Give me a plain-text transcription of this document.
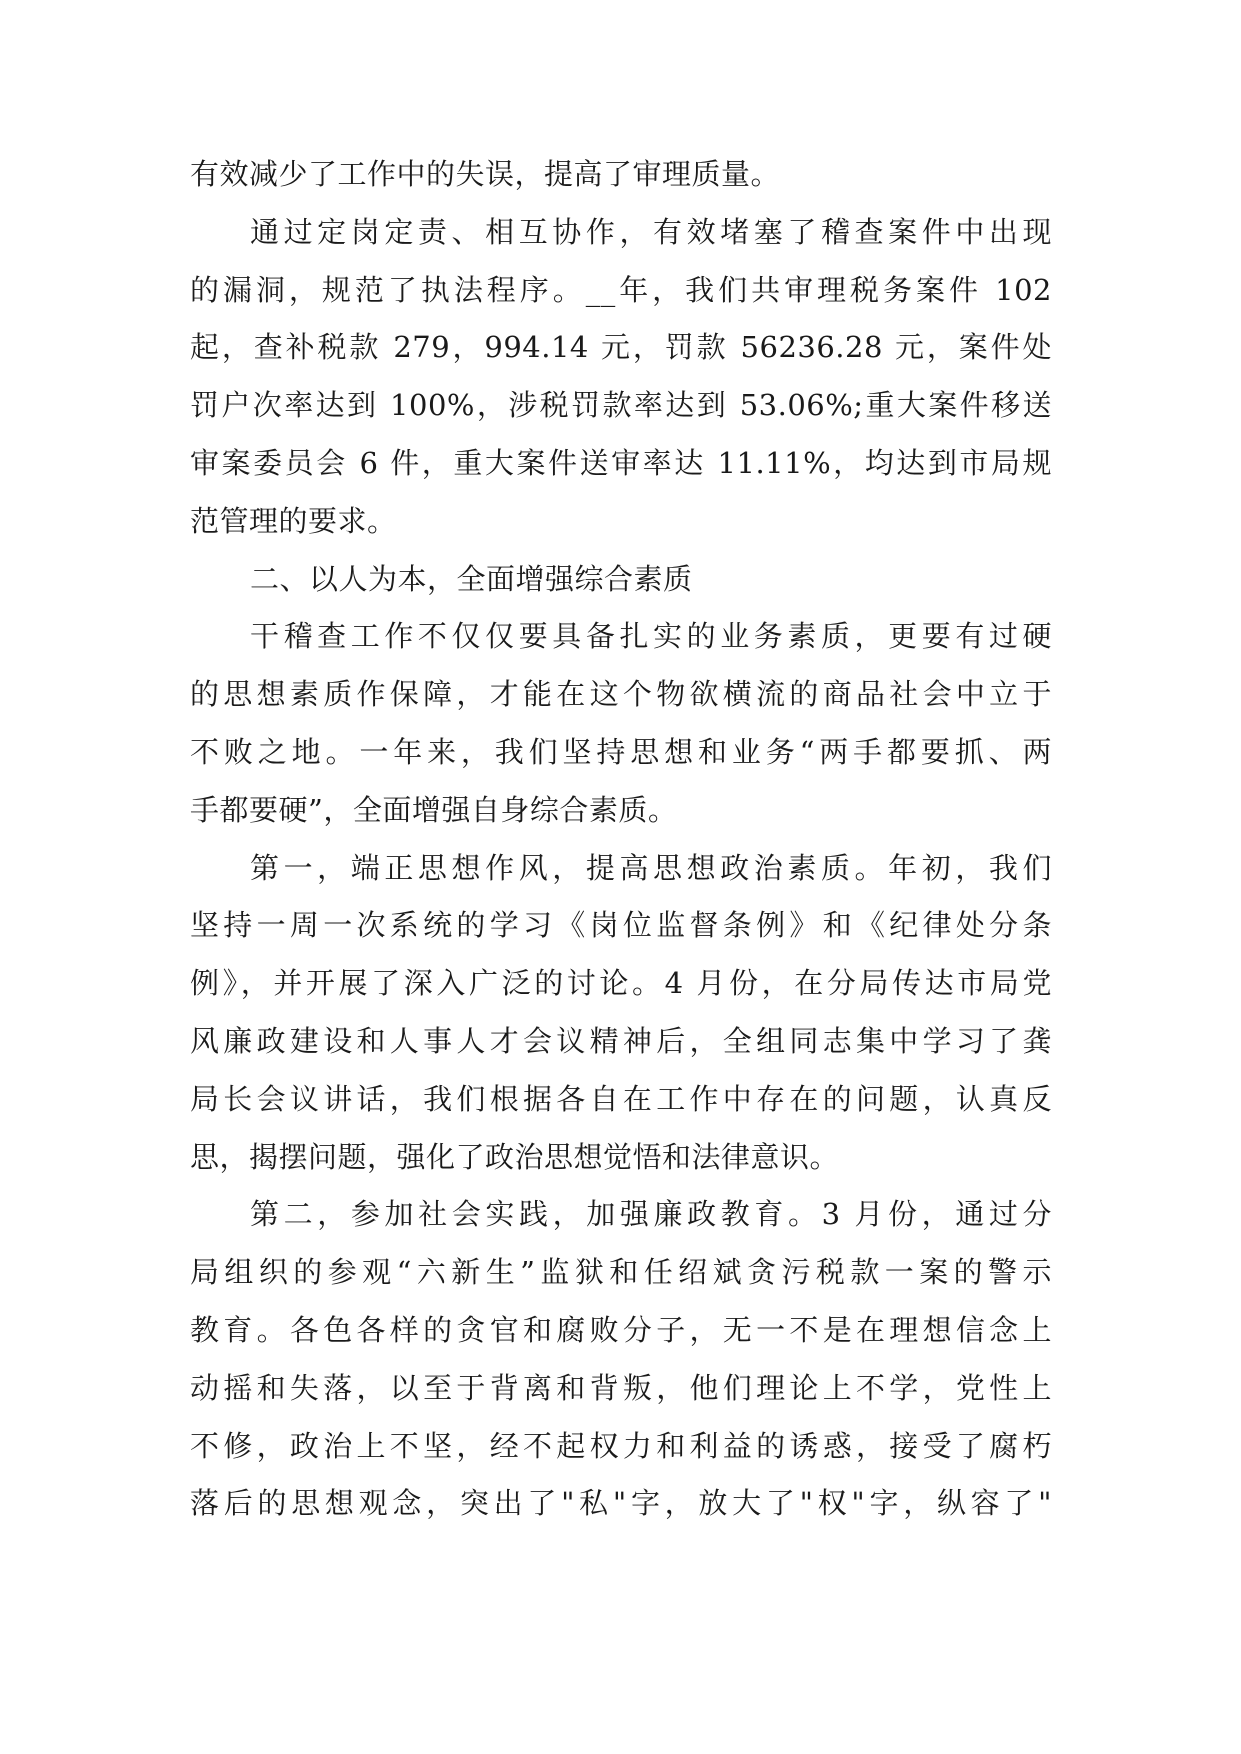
有效减少了工作中的失误，提高了审理质量。
通过定岗定责、相互协作，有效堵塞了稽查案件中出现
的漏洞，规范了执法程序。__年，我们共审理税务案件 102
起，查补税款 279，994.14 元，罚款 56236.28 元，案件处
罚户次率达到 100%，涉税罚款率达到 53.06%;重大案件移送
审案委员会 6 件，重大案件送审率达 11.11%，均达到市局规
范管理的要求。
二、以人为本，全面增强综合素质
干稽查工作不仅仅要具备扎实的业务素质，更要有过硬
的思想素质作保障，才能在这个物欲横流的商品社会中立于
不败之地。一年来，我们坚持思想和业务“两手都要抓、两
手都要硬”，全面增强自身综合素质。
第一，端正思想作风，提高思想政治素质。年初，我们
坚持一周一次系统的学习《岗位监督条例》和《纪律处分条
例》，并开展了深入广泛的讨论。4 月份，在分局传达市局党
风廉政建设和人事人才会议精神后，全组同志集中学习了龚
局长会议讲话，我们根据各自在工作中存在的问题，认真反
思，揭摆问题，强化了政治思想觉悟和法律意识。
第二，参加社会实践，加强廉政教育。3 月份，通过分
局组织的参观“六新生”监狱和任绍斌贪污税款一案的警示
教育。各色各样的贪官和腐败分子，无一不是在理想信念上
动摇和失落，以至于背离和背叛，他们理论上不学，党性上
不修，政治上不坚，经不起权力和利益的诱惑，接受了腐朽
落后的思想观念，突出了"私"字，放大了"权"字，纵容了"
